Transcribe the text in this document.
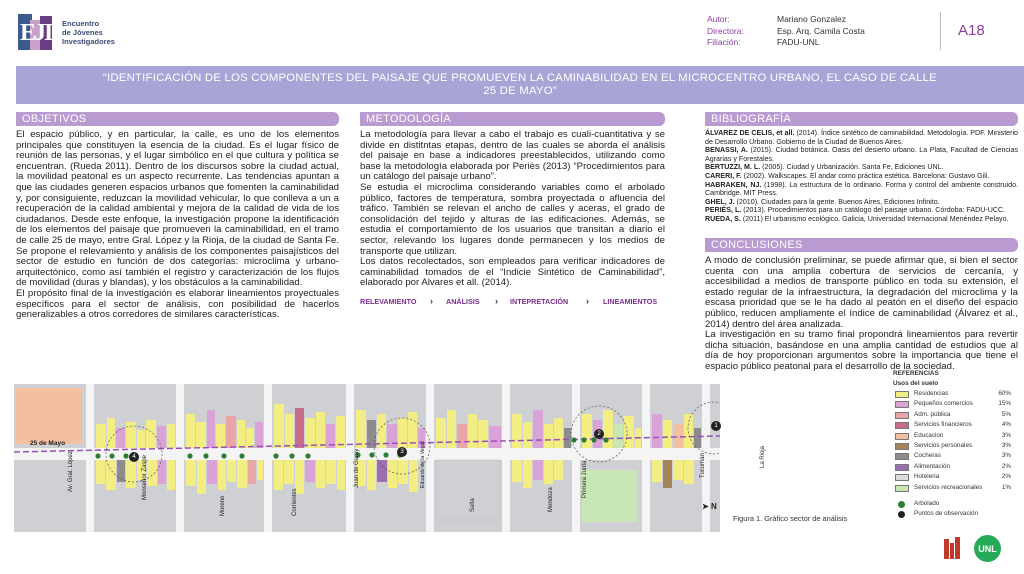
EJI Encuentro
de Jóvenes
Investigadores
Autor:	Mariano Gonzalez
Directora:	Esp. Arq. Camila Costa
Filiación:	FADU-UNL
A18
“IDENTIFICACIÓN DE LOS COMPONENTES DEL PAISAJE QUE PROMUEVEN LA CAMINABILIDAD EN EL MICROCENTRO URBANO, EL CASO DE CALLE
25 DE MAYO”
OBJETIVOS

El espacio público, y en particular, la calle, es uno de los elementos principales que constituyen la esencia de la ciudad. Es el lugar físico de reunión de las personas, y el lugar simbólico en el que cultura y política se encuentran. (Rueda 2011). Dentro de los discursos sobre la ciudad actual, la movilidad peatonal es un aspecto recurrente. Las tendencias apuntan a que las ciudades generen espacios urbanos que fomenten la caminabilidad y, por consiguiente, reduzcan la movilidad vehicular, lo que conlleva a un a recuperación de la calidad ambiental y mejora de la calidad de vida de los ciudadanos. Desde este enfoque, la investigación propone la identificación de los elementos del paisaje que promueven la caminabilidad, en el tramo de calle 25 de mayo, entre Gral. López y la Rioja, de la ciudad de Santa Fe. Se propone el relevamiento y análisis de los componentes paisajísticos del sector de estudio en función de dos categorías: microclima y urbano-arquitectónico, como así también el registro y caracterización de los flujos de movilidad (duras y blandas), y los obstáculos a la caminabilidad.

El propósito final de la investigación es elaborar lineamientos proyectuales específicos para el sector de análisis, con posibilidad de hacerlos generalizables a otros corredores de similares características.

METODOLOGÍA

La metodología para llevar a cabo el trabajo es cuali-cuantitativa y se divide en distitntas etapas, dentro de las cuales se aborda el análisis del paisaje en base a indicadores preestablecidos, utilizando como base la metodología elaborada por Periès (2013) “Procedimientos para un catálogo del paisaje urbano”.

Se estudia el microclima considerando variables como el arbolado público, factores de temperatura, sombra proyectada o afluencia del tráfico. También se relevan el ancho de calles y aceras, el grado de consolidación del tejido y alturas de las edificaciones. Además, se estudia el comportamiento de los usuarios que transitan a diario el sector, relevando los lugares donde permanecen y los medios de transporte que utilizan.

Los datos recolectados, son empleados para verificar indicadores de caminabilidad tomados de el “Indicie Sintético de Caminabilidad”, elaborado por Alvares et all. (2014).

RELEVAMIENTO › ANÁLISIS › INTEPRETACIÓN › LINEAMIENTOS
BIBLIOGRAFÍA

ÁLVAREZ DE CELIS, et all. (2014). Índice sintético de caminabilidad. Metodología. PDF. Ministerio de Desarrollo Urbano. Gobierno de la Ciudad de Buenos Aires.

BENASSI, A. (2015). Ciudad botánica. Oasis del desierto urbano. La Plata, Facultad de Ciencias Agrarias y Forestales.

BERTUZZI, M. L. (2005). Ciudad y Urbanización. Santa Fe, Ediciones UNL.

CARERI, F. (2002). Walkscapes. El andar como práctica estética. Barcelona: Gustavo Gili.

HABRAKEN, NJ. (1998). La estructura de lo ordinario. Forma y control del ambiente construido. Cambridge. MIT Press.

GHEL, J. (2010). Ciudades para la gente. Buenos Aires, Ediciones Infinito.

PERIÈS, L. (2013). Procedimientos para un catálogo del paisaje urbano. Córdoba: FADU-UCC.

RUEDA, S. (2011) El urbanismo ecológico. Galicia, Universidad Internacional Menéndez Pelayo.

CONCLUSIONES

A modo de conclusión preliminar, se puede afirmar que, si bien el sector cuenta con una amplia cobertura de servicios de cercanía, y accesibilidad a medios de transporte público en toda su extensión, el estado regular de la infraestructura, la degradación del microclima y la escasa prioridad que se le ha dado al peatón en el diseño del espacio público, reducen ampliamente el índice de caminabilidad (Álvarez et al., 2014) dentro del área analizada.

La investigación en su tramo final propondrá lineamientos para revertir dicha situación, basándose en una amplia cantidad de estudios que al día de hoy proporcionan argumentos sobre la importancia que tiene el espacio público peatonal para el desarrollo de la sociedad.

25 de Mayo
Av. Gral. López	Monseñor Zaspe
Moreno	Corrientes
Juan de Garay	Eduardo de la Vegal
Salta	Mendoza
Primera Junta	Tucumán	La Rioja
1
2
3
4
➤ N
Figura 1. Gráfico sector de análisis
REFERENCIAS
Usos del suelo
Residencias	60%
Pequeños comercios	15%
Adm. pública	5%
Servicios financieros	4%
Educacion	3%
Servicios personales	3%
Cocheras	3%
Alimentación	2%
Hoteleria	2%
Servicios recreacionales	1%
Arbolado
Puntos de observación
UNL
